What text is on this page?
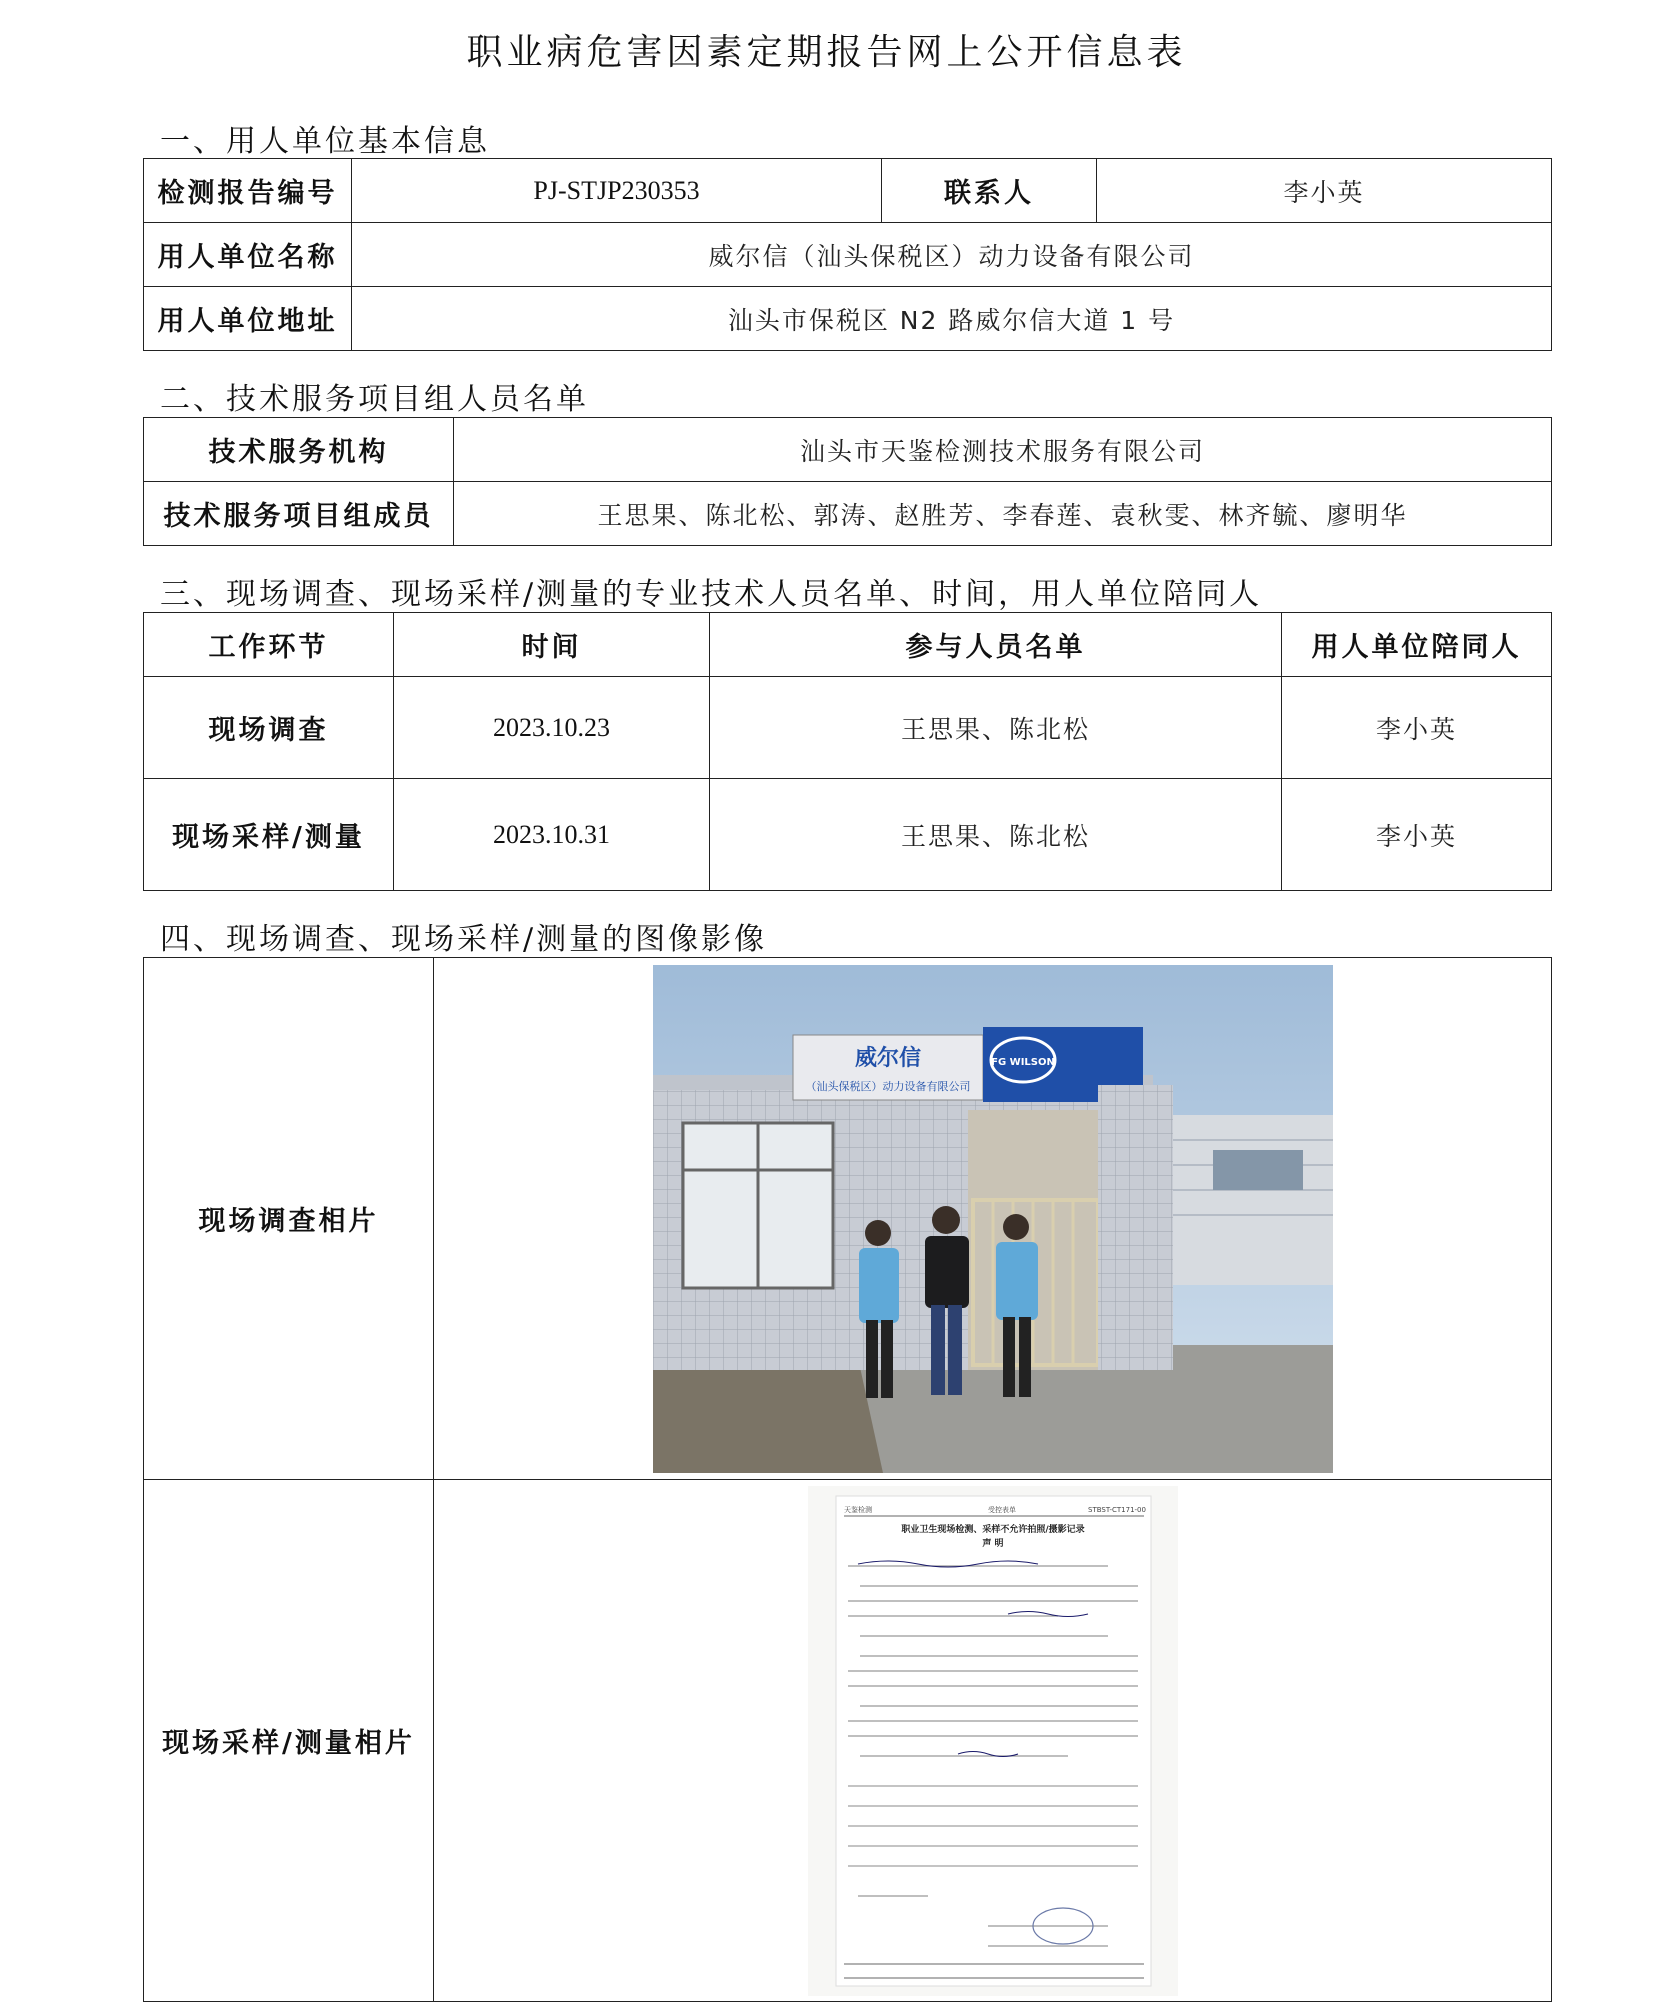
职业病危害因素定期报告网上公开信息表
一、用人单位基本信息
检测报告编号	PJ-STJP230353	联系人	李小英
用人单位名称	威尔信（汕头保税区）动力设备有限公司		
用人单位地址	汕头市保税区 N2 路威尔信大道 1 号		
二、技术服务项目组人员名单
技术服务机构	汕头市天鉴检测技术服务有限公司
技术服务项目组成员	王思果、陈北松、郭涛、赵胜芳、李春莲、袁秋雯、林齐毓、廖明华
三、现场调查、现场采样/测量的专业技术人员名单、时间，用人单位陪同人
工作环节	时间	参与人员名单	用人单位陪同人
现场调查	2023.10.23	王思果、陈北松	李小英
现场采样/测量	2023.10.31	王思果、陈北松	李小英
四、现场调查、现场采样/测量的图像影像
现场调查相片	威尔信
（汕头保税区）动力设备有限公司
FG WILSON

现场采样/测量相片	天鉴检测 受控表单 STBST-CT171-00
职业卫生现场检测、采样不允许拍照/摄影记录
声 明
